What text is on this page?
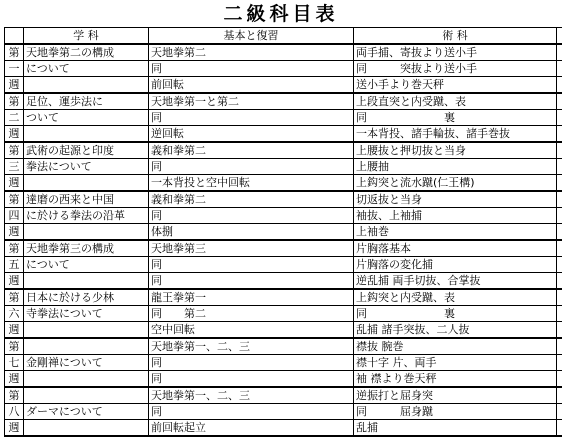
二級科目表
	学 科	基本と復習	術 科	
第	天地拳第二の構成	天地拳第二	両手捕、寄抜より送小手	
一	について	同	同　　　突抜より送小手	
週		前回転	送小手より巻天秤	
第	足位、運歩法に	天地拳第一と第二	上段直突と内受蹴、表	
二	ついて	同	同　　　　　　　裏	
週		逆回転	一本背投、諸手輪抜、諸手巻抜	
第	武術の起源と印度	義和拳第二	上腰抜と押切抜と当身	
三	拳法について	同	上腰抽	
週		一本背投と空中回転	上鈎突と流水蹴(仁王構)	
第	達磨の西来と中国	義和拳第二	切返抜と当身	
四	に於ける拳法の沿革	同	袖抜、上袖捕	
週		体捌	上袖巻	
第	天地拳第三の構成	天地拳第三	片胸落基本	
五	について	同	片胸落の変化捕	
週		同	逆乱捕 両手切抜、合掌抜	
第	日本に於ける少林	龍王拳第一	上鈎突と内受蹴、表	
六	寺拳法について	同　　第二	同　　　　　　　裏	
週		空中回転	乱捕 諸手突抜、二人抜	
第		天地拳第一、二、三	襟抜 腕巻	
七	金剛禅について	同	襟十字 片、両手	
週		同	袖 襟より巻天秤	
第		天地拳第一、二、三	逆振打と屈身突	
八	ダーマについて	同	同　　　屈身蹴	
週		前回転起立	乱捕	
